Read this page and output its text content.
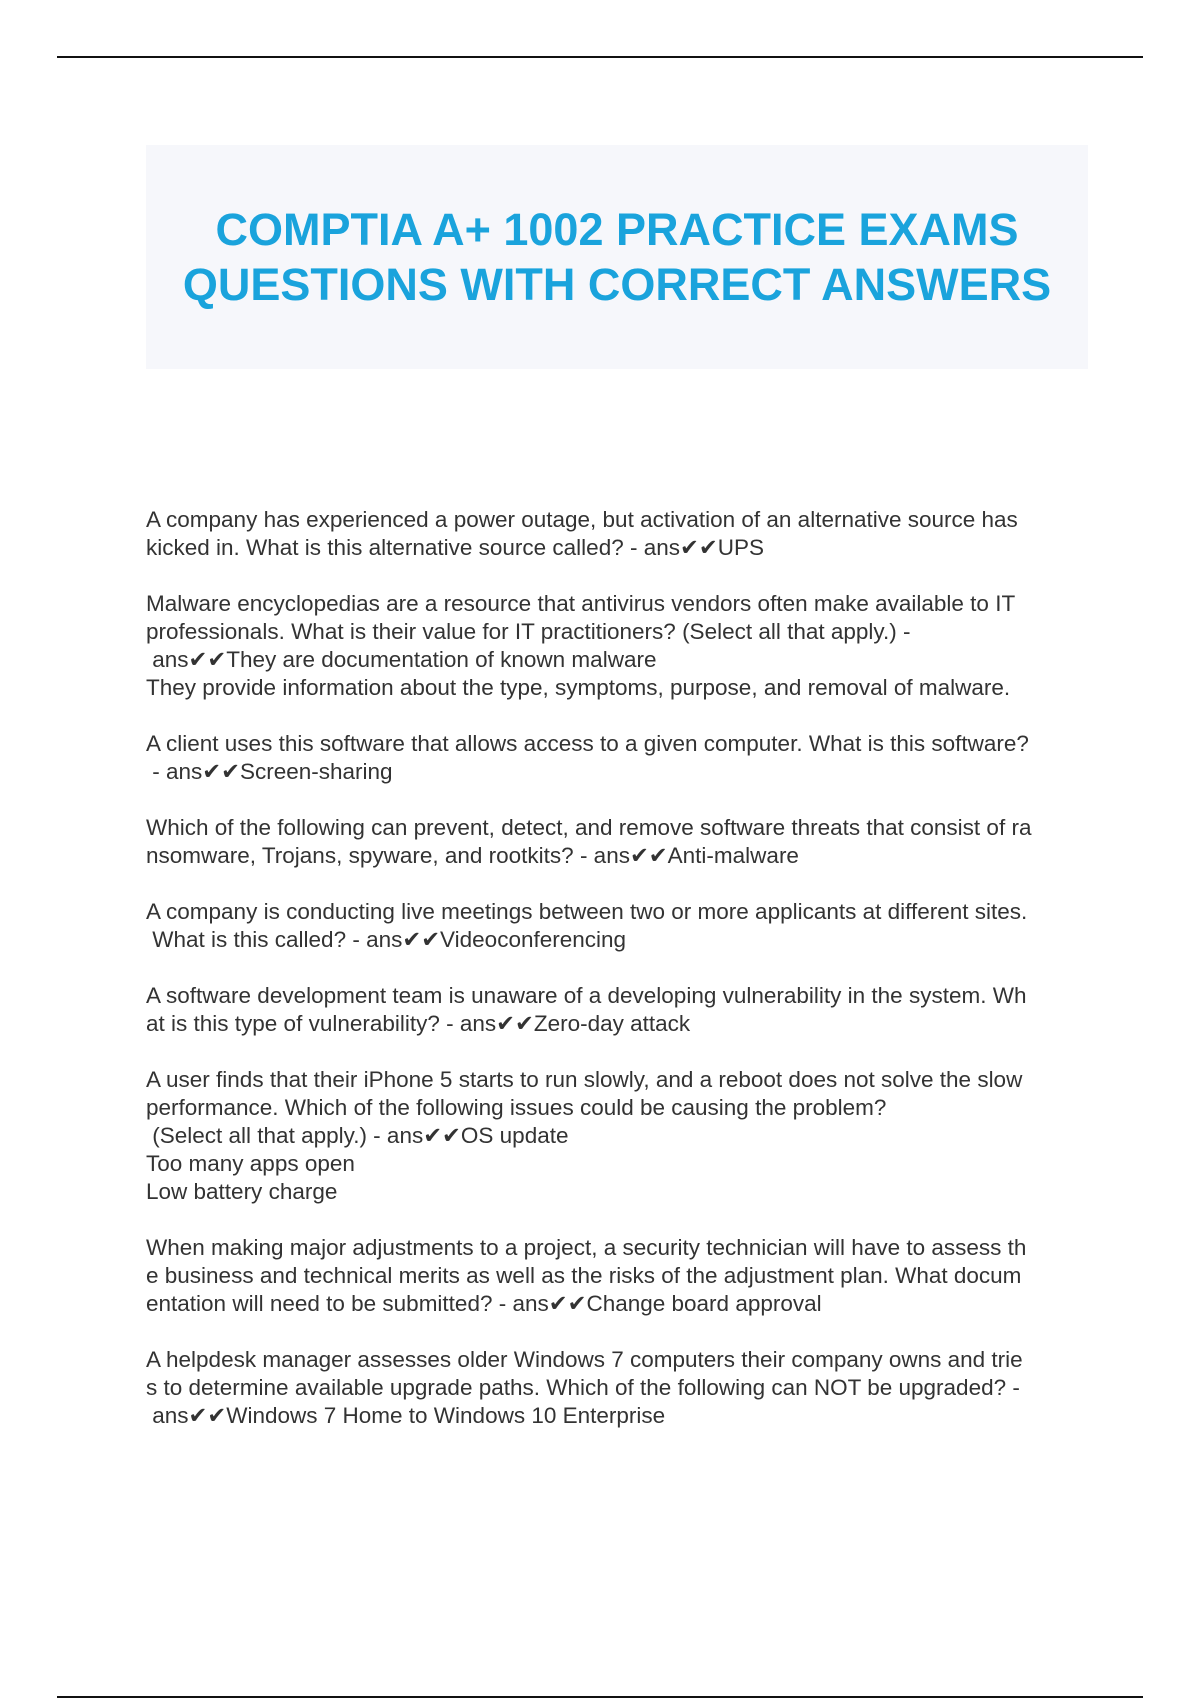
COMPTIA A+ 1002 PRACTICE EXAMS
QUESTIONS WITH CORRECT ANSWERS

A company has experienced a power outage, but activation of an alternative source has
kicked in. What is this alternative source called? - ans✔✔UPS

Malware encyclopedias are a resource that antivirus vendors often make available to IT
professionals. What is their value for IT practitioners? (Select all that apply.) -
ans✔✔They are documentation of known malware
They provide information about the type, symptoms, purpose, and removal of malware.

A client uses this software that allows access to a given computer. What is this software?
- ans✔✔Screen-sharing

Which of the following can prevent, detect, and remove software threats that consist of ra
nsomware, Trojans, spyware, and rootkits? - ans✔✔Anti-malware

A company is conducting live meetings between two or more applicants at different sites.
What is this called? - ans✔✔Videoconferencing

A software development team is unaware of a developing vulnerability in the system. Wh
at is this type of vulnerability? - ans✔✔Zero-day attack

A user finds that their iPhone 5 starts to run slowly, and a reboot does not solve the slow
performance. Which of the following issues could be causing the problem?
(Select all that apply.) - ans✔✔OS update
Too many apps open
Low battery charge

When making major adjustments to a project, a security technician will have to assess th
e business and technical merits as well as the risks of the adjustment plan. What docum
entation will need to be submitted? - ans✔✔Change board approval

A helpdesk manager assesses older Windows 7 computers their company owns and trie
s to determine available upgrade paths. Which of the following can NOT be upgraded? -
ans✔✔Windows 7 Home to Windows 10 Enterprise
